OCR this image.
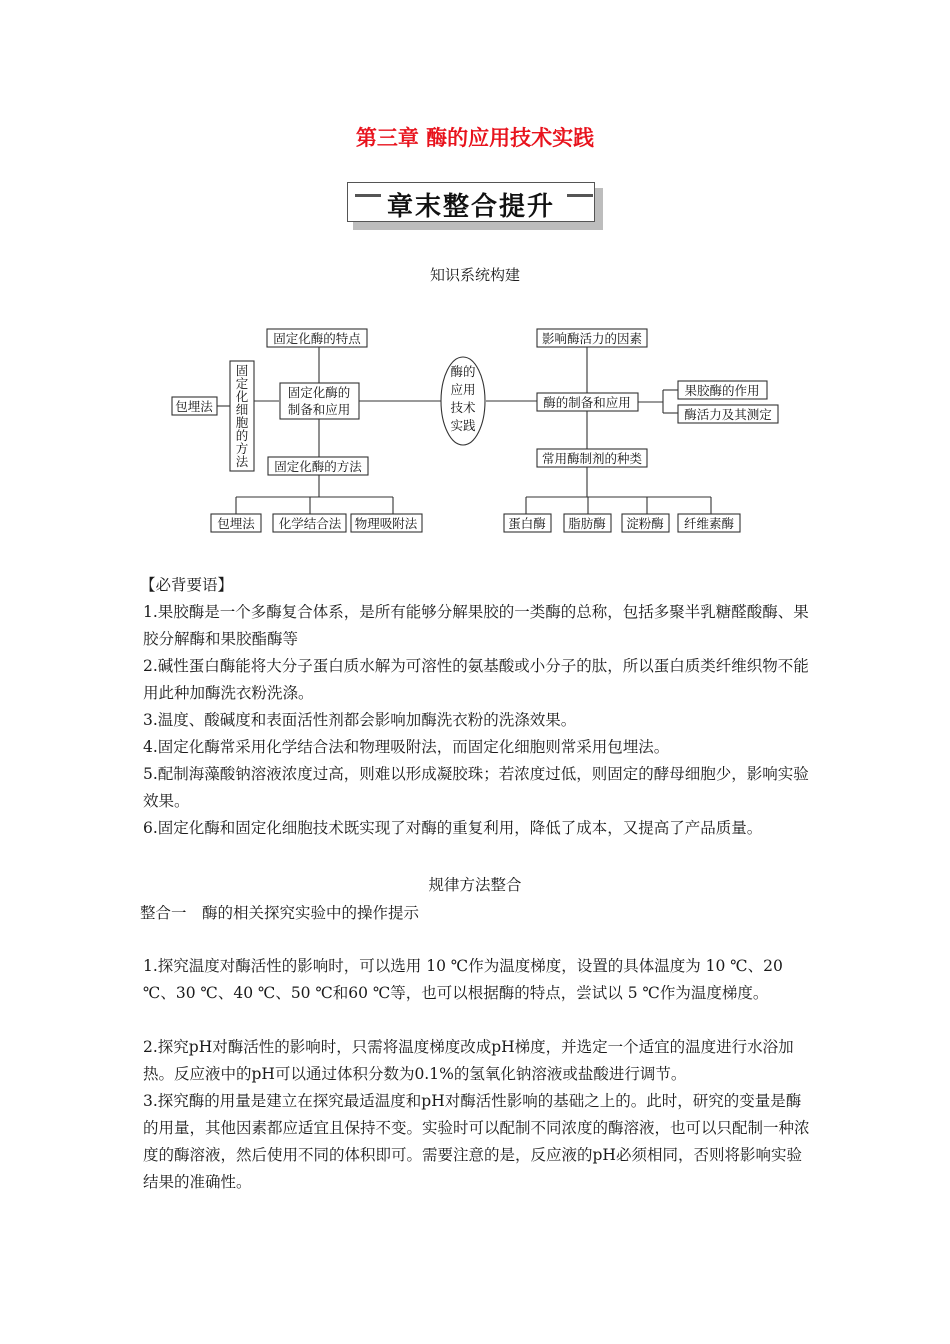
第三章 酶的应用技术实践
章末整合提升
知识系统构建
固定化酶的特点
固定化酶的
制备和应用
固定化酶的方法
固
定
化
细
胞
的
方
法
包埋法
包埋法 化学结合法 物理吸附法
酶的
应用
技术
实践
影响酶活力的因素
酶的制备和应用
常用酶制剂的种类
果胶酶的作用
酶活力及其测定
蛋白酶 脂肪酶 淀粉酶 纤维素酶
【必背要语】

1.果胶酶是一个多酶复合体系，是所有能够分解果胶的一类酶的总称，包括多聚半乳糖醛酸酶、果胶分解酶和果胶酯酶等

2.碱性蛋白酶能将大分子蛋白质水解为可溶性的氨基酸或小分子的肽，所以蛋白质类纤维织物不能用此种加酶洗衣粉洗涤。

3.温度、酸碱度和表面活性剂都会影响加酶洗衣粉的洗涤效果。

4.固定化酶常采用化学结合法和物理吸附法，而固定化细胞则常采用包埋法。

5.配制海藻酸钠溶液浓度过高，则难以形成凝胶珠；若浓度过低，则固定的酵母细胞少，影响实验效果。

6.固定化酶和固定化细胞技术既实现了对酶的重复利用，降低了成本，又提高了产品质量。

规律方法整合
整合一　酶的相关探究实验中的操作提示

1.探究温度对酶活性的影响时，可以选用 10 ℃作为温度梯度，设置的具体温度为 10 ℃、20 ℃、30 ℃、40 ℃、50 ℃和60 ℃等，也可以根据酶的特点，尝试以 5 ℃作为温度梯度。

2.探究pH对酶活性的影响时，只需将温度梯度改成pH梯度，并选定一个适宜的温度进行水浴加热。反应液中的pH可以通过体积分数为0.1%的氢氧化钠溶液或盐酸进行调节。

3.探究酶的用量是建立在探究最适温度和pH对酶活性影响的基础之上的。此时，研究的变量是酶的用量，其他因素都应适宜且保持不变。实验时可以配制不同浓度的酶溶液，也可以只配制一种浓度的酶溶液，然后使用不同的体积即可。需要注意的是，反应液的pH必须相同，否则将影响实验结果的准确性。
